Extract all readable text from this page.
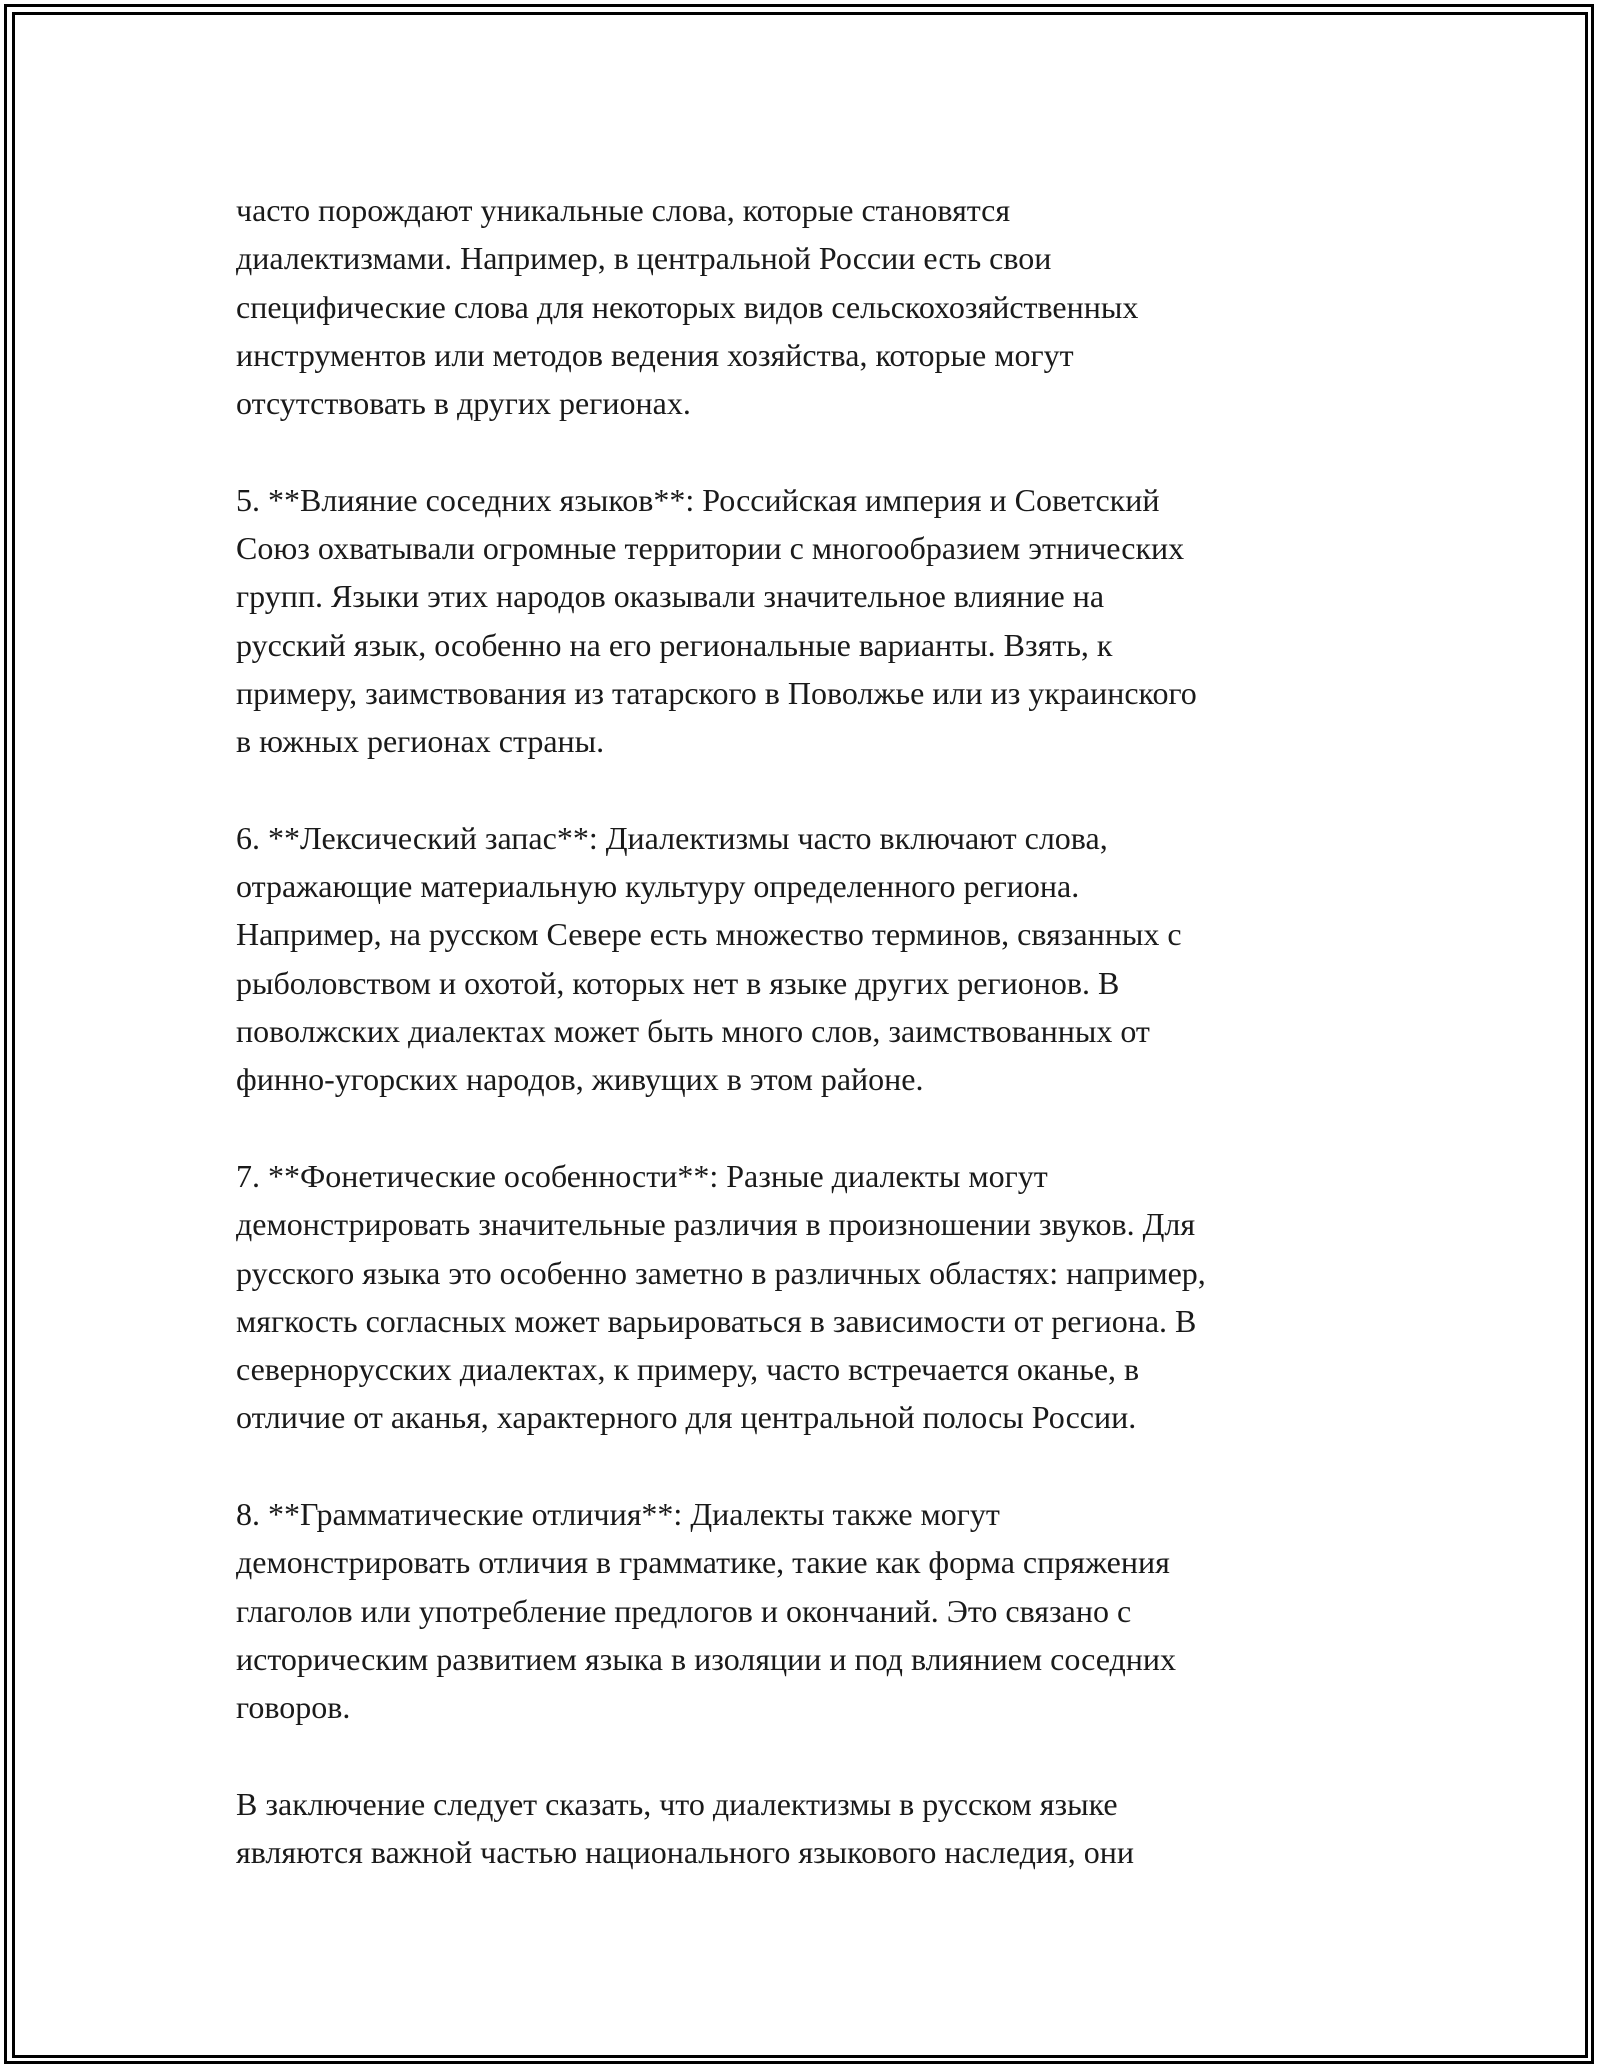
часто порождают уникальные слова, которые становятся
диалектизмами. Например, в центральной России есть свои
специфические слова для некоторых видов сельскохозяйственных
инструментов или методов ведения хозяйства, которые могут
отсутствовать в других регионах.

5. **Влияние соседних языков**: Российская империя и Советский
Союз охватывали огромные территории с многообразием этнических
групп. Языки этих народов оказывали значительное влияние на
русский язык, особенно на его региональные варианты. Взять, к
примеру, заимствования из татарского в Поволжье или из украинского
в южных регионах страны.

6. **Лексический запас**: Диалектизмы часто включают слова,
отражающие материальную культуру определенного региона.
Например, на русском Севере есть множество терминов, связанных с
рыболовством и охотой, которых нет в языке других регионов. В
поволжских диалектах может быть много слов, заимствованных от
финно-угорских народов, живущих в этом районе.

7. **Фонетические особенности**: Разные диалекты могут
демонстрировать значительные различия в произношении звуков. Для
русского языка это особенно заметно в различных областях: например,
мягкость согласных может варьироваться в зависимости от региона. В
севернорусских диалектах, к примеру, часто встречается оканье, в
отличие от аканья, характерного для центральной полосы России.

8. **Грамматические отличия**: Диалекты также могут
демонстрировать отличия в грамматике, такие как форма спряжения
глаголов или употребление предлогов и окончаний. Это связано с
историческим развитием языка в изоляции и под влиянием соседних
говоров.

В заключение следует сказать, что диалектизмы в русском языке
являются важной частью национального языкового наследия, они
